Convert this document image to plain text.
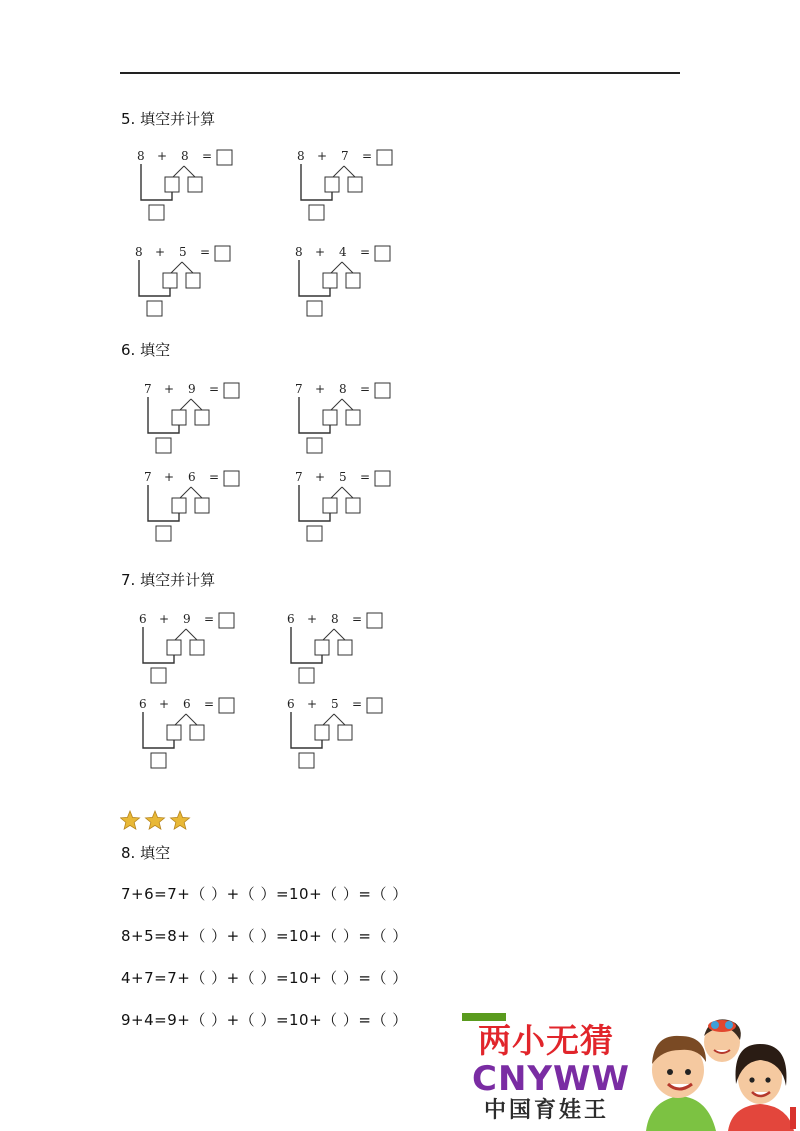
5. 填空并计算
8 + 8 =	8 + 7 =
8 + 5 =	8 + 4 =
6. 填空
7 + 9 =	7 + 8 =
7 + 6 =	7 + 5 =
7. 填空并计算
6 + 9 =	6 + 8 =
6 + 6 =	6 + 5 =
8. 填空
7+6=7+（ ）+（ ）=10+（ ）=（ ）
8+5=8+（ ）+（ ）=10+（ ）=（ ）
4+7=7+（ ）+（ ）=10+（ ）=（ ）
9+4=9+（ ）+（ ）=10+（ ）=（ ）
两小无猜
CNYWW
中国育娃王
